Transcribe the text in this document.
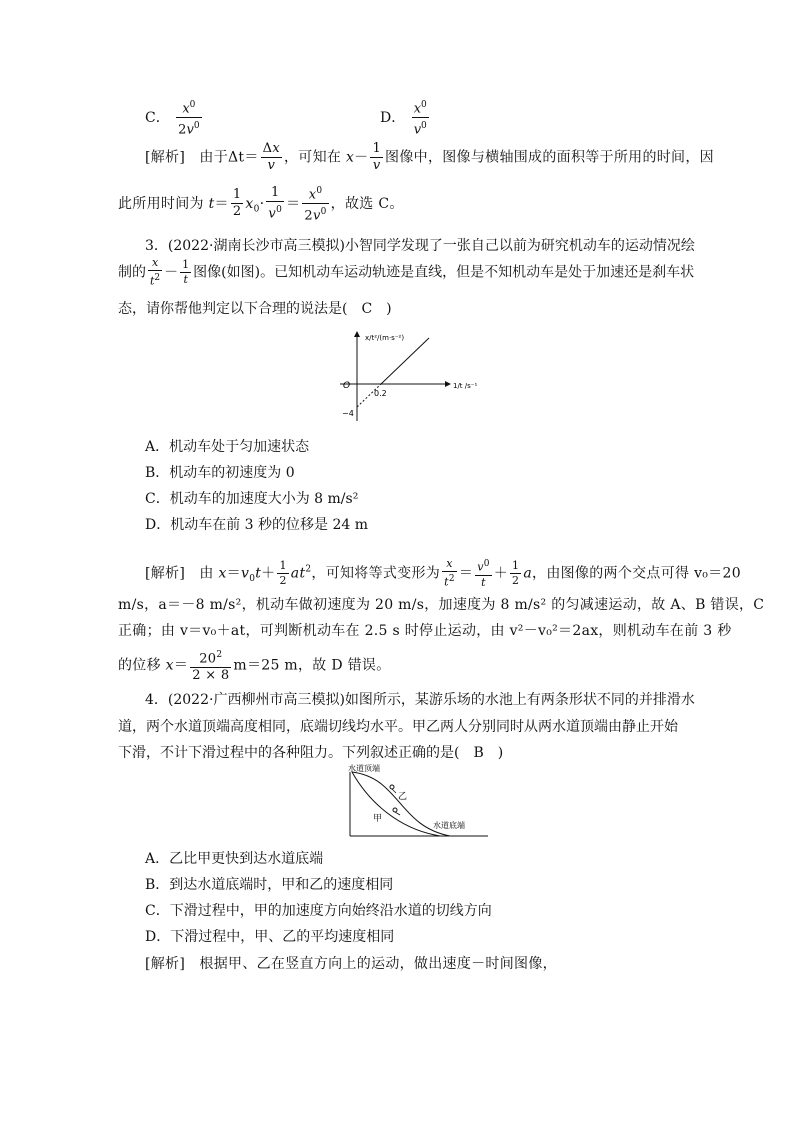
C． $\frac{x^0}{2v^0}$	D． $\frac{x^0}{v^0}$
[解析] 由于$\Delta t= \frac{\Delta x}{v}$ ，可知在 $x- \frac{1}{v}$ 图像中，图像与横轴围成的面积等于所用的时间，因
此所用时间为 $t= \frac{1}{2} x_0\cdot \frac{1}{v^0} = \frac{x^0}{2v^0}$ ，故选 C。
3．(2022·湖南长沙市高三模拟)小智同学发现了一张自己以前为研究机动车的运动情况绘
制的 $\frac{x}{t^2} - \frac{1}{t}$ 图像(如图)。已知机动车运动轨迹是直线，但是不知机动车是处于加速还是刹车状
态，请你帮他判定以下合理的说法是(　C　)
x/t²/(m·s⁻²)
1/t /s⁻¹
O
0.2
−4
A．机动车处于匀加速状态
B．机动车的初速度为 0
C．机动车的加速度大小为 8 m/s²
D．机动车在前 3 秒的位移是 24 m
[解析] 由 $x=v_0t+ \frac{1}{2} at^2$，可知将等式变形为 $\frac{x}{t^2} = \frac{v^0}{t} + \frac{1}{2}$ a，由图像的两个交点可得 v₀＝20
m/s，a＝－8 m/s²，机动车做初速度为 20 m/s，加速度为 8 m/s² 的匀减速运动，故 A、B 错误，C
正确；由 v＝v₀＋at，可判断机动车在 2.5 s 时停止运动，由 v²－v₀²＝2ax，则机动车在前 3 秒
的位移 $x= \frac{20^2}{2 \times 8} m=25$ m，故 D 错误。
4．(2022·广西柳州市高三模拟)如图所示，某游乐场的水池上有两条形状不同的并排滑水
道，两个水道顶端高度相同，底端切线均水平。甲乙两人分别同时从两水道顶端由静止开始
下滑，不计下滑过程中的各种阻力。下列叙述正确的是(　B　)
水道顶端
乙
甲
水道底端
A．乙比甲更快到达水道底端
B．到达水道底端时，甲和乙的速度相同
C．下滑过程中，甲的加速度方向始终沿水道的切线方向
D．下滑过程中，甲、乙的平均速度相同
[解析]　根据甲、乙在竖直方向上的运动，做出速度－时间图像，
